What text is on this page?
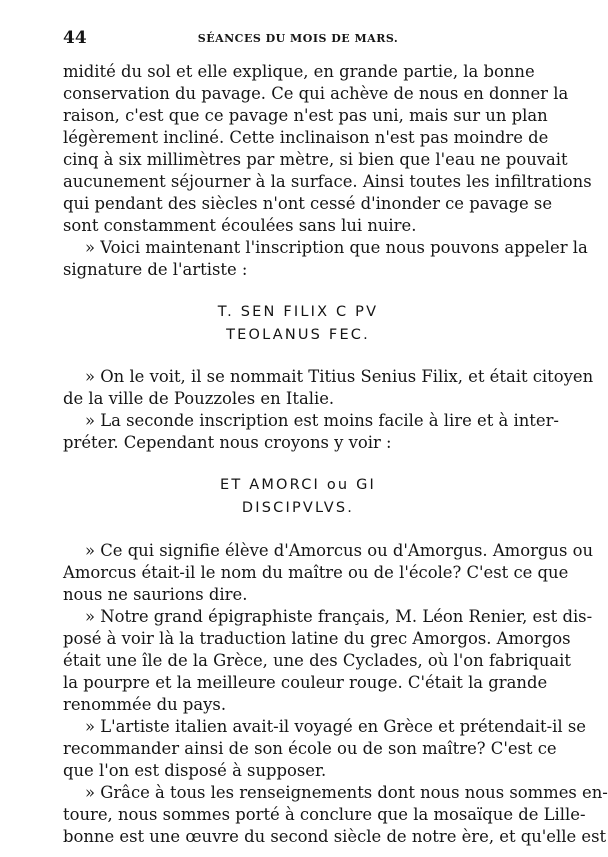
44	SÉANCES DU MOIS DE MARS.
midité du sol et elle explique, en grande partie, la bonne
conservation du pavage. Ce qui achève de nous en donner la
raison, c'est que ce pavage n'est pas uni, mais sur un plan
légèrement incliné. Cette inclinaison n'est pas moindre de
cinq à six millimètres par mètre, si bien que l'eau ne pouvait
aucunement séjourner à la surface. Ainsi toutes les infiltrations
qui pendant des siècles n'ont cessé d'inonder ce pavage se
sont constamment écoulées sans lui nuire.
» Voici maintenant l'inscription que nous pouvons appeler la
signature de l'artiste :
T. SEN FILIX C PV
TEOLANUS FEC.
» On le voit, il se nommait Titius Senius Filix, et était citoyen
de la ville de Pouzzoles en Italie.
» La seconde inscription est moins facile à lire et à inter-
préter. Cependant nous croyons y voir :
ET AMORCI ou GI
DISCIPVLVS.
» Ce qui signifie élève d'Amorcus ou d'Amorgus. Amorgus ou
Amorcus était-il le nom du maître ou de l'école? C'est ce que
nous ne saurions dire.
» Notre grand épigraphiste français, M. Léon Renier, est dis-
posé à voir là la traduction latine du grec Amorgos. Amorgos
était une île de la Grèce, une des Cyclades, où l'on fabriquait
la pourpre et la meilleure couleur rouge. C'était la grande
renommée du pays.
» L'artiste italien avait-il voyagé en Grèce et prétendait-il se
recommander ainsi de son école ou de son maître? C'est ce
que l'on est disposé à supposer.
» Grâce à tous les renseignements dont nous nous sommes en-
toure, nous sommes porté à conclure que la mosaïque de Lille-
bonne est une œuvre du second siècle de notre ère, et qu'elle est
